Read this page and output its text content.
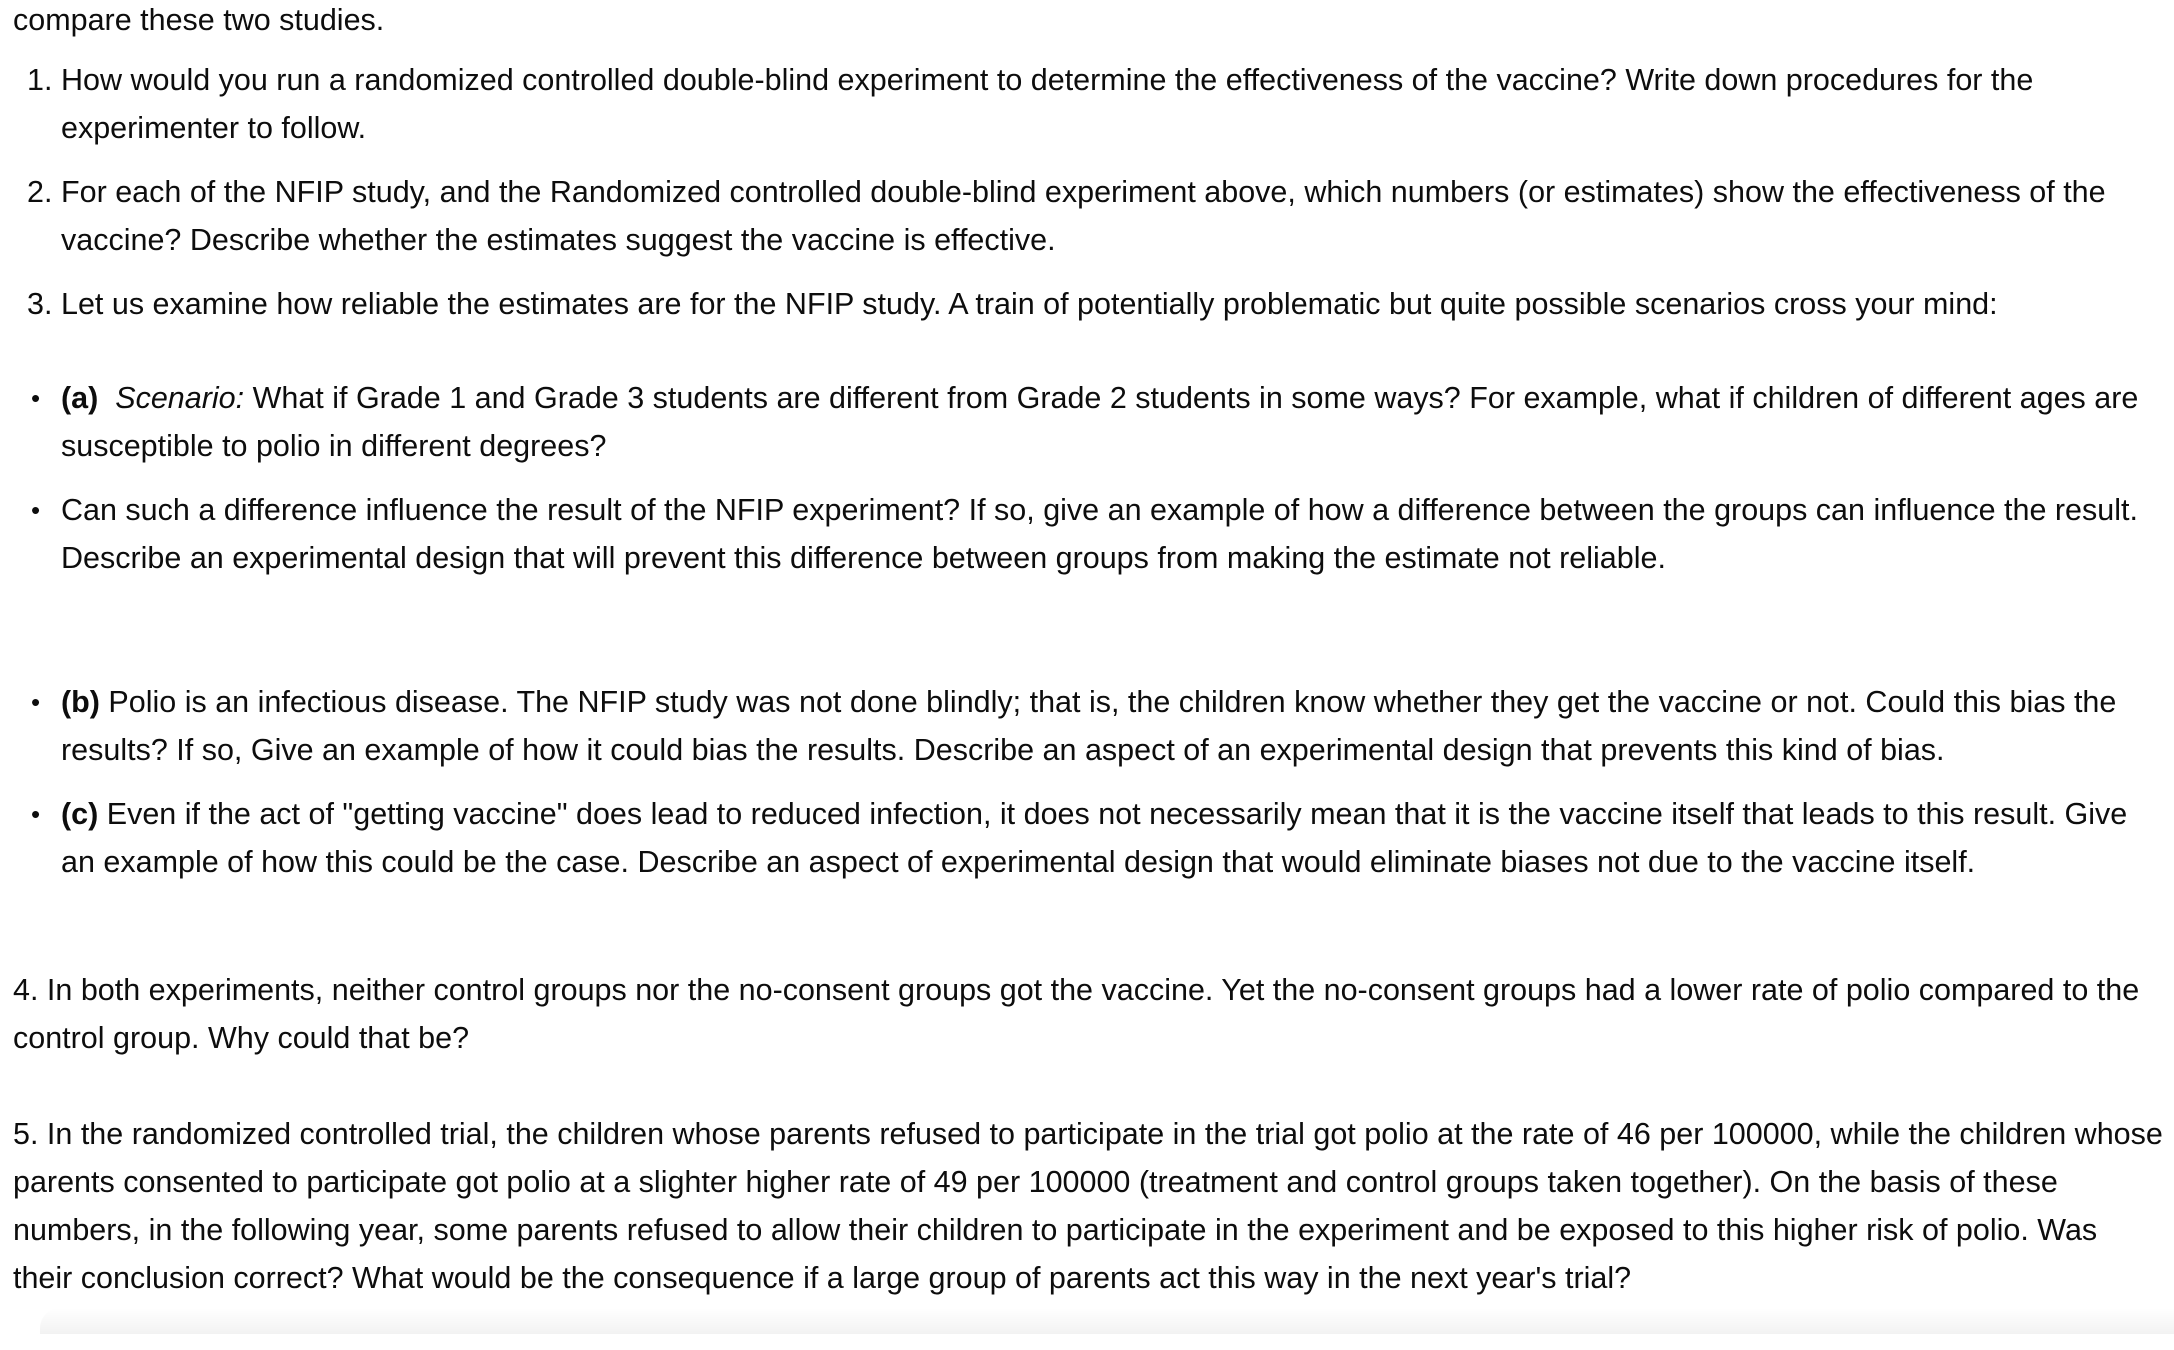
compare these two studies.

1. How would you run a randomized controlled double-blind experiment to determine the effectiveness of the vaccine? Write down procedures for the experimenter to follow.
2. For each of the NFIP study, and the Randomized controlled double-blind experiment above, which numbers (or estimates) show the effectiveness of the vaccine? Describe whether the estimates suggest the vaccine is effective.
3. Let us examine how reliable the estimates are for the NFIP study. A train of potentially problematic but quite possible scenarios cross your mind:
• (a) Scenario: What if Grade 1 and Grade 3 students are different from Grade 2 students in some ways? For example, what if children of different ages are susceptible to polio in different degrees?
• Can such a difference influence the result of the NFIP experiment? If so, give an example of how a difference between the groups can influence the result. Describe an experimental design that will prevent this difference between groups from making the estimate not reliable.
• (b) Polio is an infectious disease. The NFIP study was not done blindly; that is, the children know whether they get the vaccine or not. Could this bias the results? If so, Give an example of how it could bias the results. Describe an aspect of an experimental design that prevents this kind of bias.
• (c) Even if the act of "getting vaccine" does lead to reduced infection, it does not necessarily mean that it is the vaccine itself that leads to this result. Give an example of how this could be the case. Describe an aspect of experimental design that would eliminate biases not due to the vaccine itself.

4. In both experiments, neither control groups nor the no-consent groups got the vaccine. Yet the no-consent groups had a lower rate of polio compared to the control group. Why could that be?

5. In the randomized controlled trial, the children whose parents refused to participate in the trial got polio at the rate of 46 per 100000, while the children whose parents consented to participate got polio at a slighter higher rate of 49 per 100000 (treatment and control groups taken together). On the basis of these numbers, in the following year, some parents refused to allow their children to participate in the experiment and be exposed to this higher risk of polio. Was their conclusion correct? What would be the consequence if a large group of parents act this way in the next year's trial?
